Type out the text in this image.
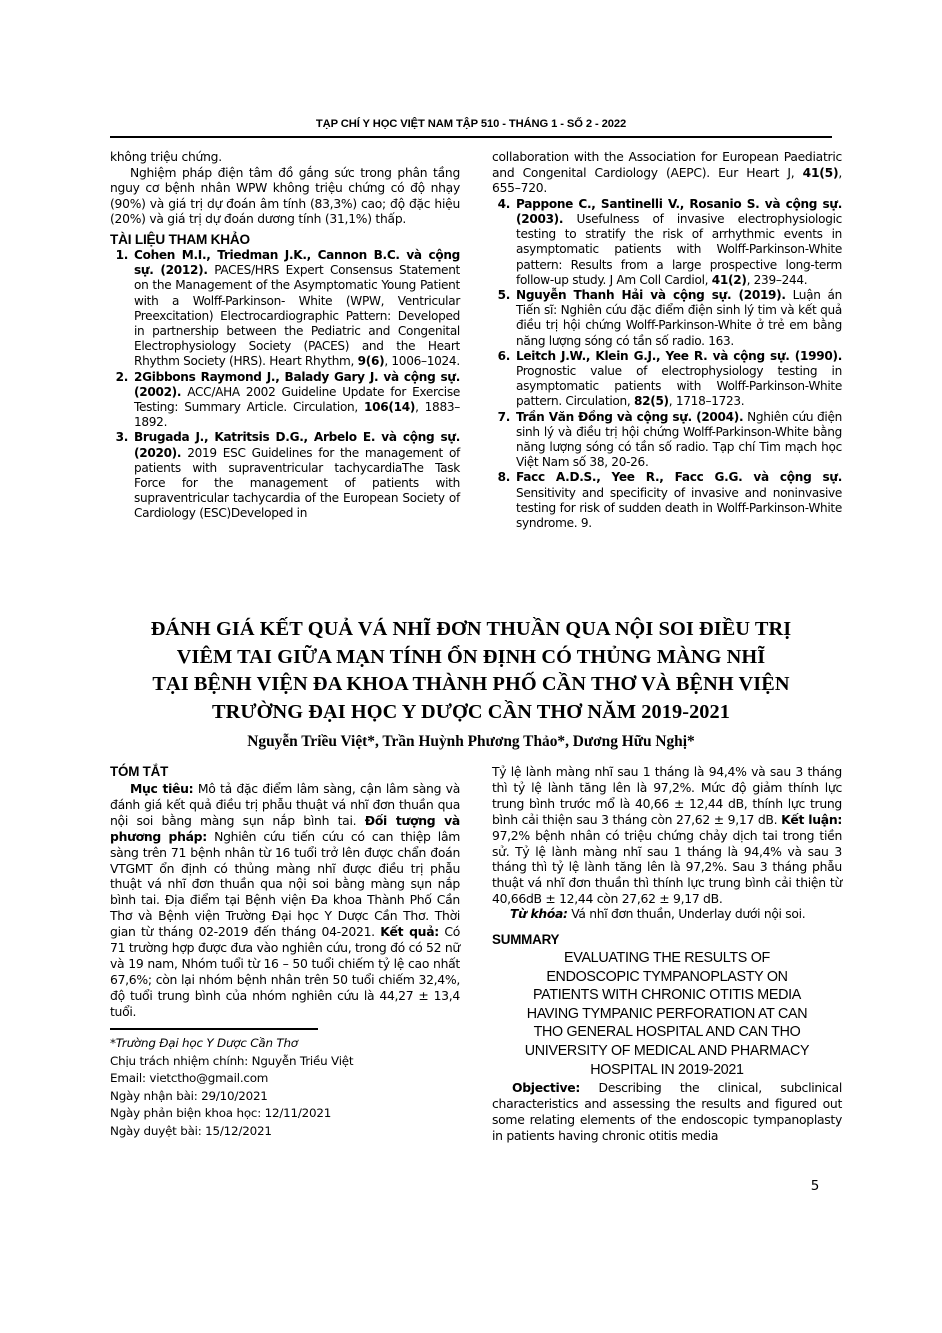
TẠP CHÍ Y HỌC VIỆT NAM TẬP 510 - THÁNG 1 - SỐ 2 - 2022

không triệu chứng.

Nghiệm pháp điện tâm đồ gắng sức trong phân tầng nguy cơ bệnh nhân WPW không triệu chứng có độ nhạy (90%) và giá trị dự đoán âm tính (83,3%) cao; độ đặc hiệu (20%) và giá trị dự đoán dương tính (31,1%) thấp.

TÀI LIỆU THAM KHẢO
1. Cohen M.I., Triedman J.K., Cannon B.C. và cộng sự. (2012). PACES/HRS Expert Consensus Statement on the Management of the Asymptomatic Young Patient with a Wolff-Parkinson- White (WPW, Ventricular Preexcitation) Electrocardiographic Pattern: Developed in partnership between the Pediatric and Congenital Electrophysiology Society (PACES) and the Heart Rhythm Society (HRS). Heart Rhythm, 9(6), 1006–1024.
2. 2Gibbons Raymond J., Balady Gary J. và cộng sự. (2002). ACC/AHA 2002 Guideline Update for Exercise Testing: Summary Article. Circulation, 106(14), 1883–1892.
3. Brugada J., Katritsis D.G., Arbelo E. và cộng sự. (2020). 2019 ESC Guidelines for the management of patients with supraventricular tachycardiaThe Task Force for the management of patients with supraventricular tachycardia of the European Society of Cardiology (ESC)Developed in

collaboration with the Association for European Paediatric and Congenital Cardiology (AEPC). Eur Heart J, 41(5), 655–720.

4. Pappone C., Santinelli V., Rosanio S. và cộng sự. (2003). Usefulness of invasive electrophysiologic testing to stratify the risk of arrhythmic events in asymptomatic patients with Wolff-Parkinson-White pattern: Results from a large prospective long-term follow-up study. J Am Coll Cardiol, 41(2), 239–244.
5. Nguyễn Thanh Hải và cộng sự. (2019). Luận án Tiến sĩ: Nghiên cứu đặc điểm điện sinh lý tim và kết quả điều trị hội chứng Wolff-Parkinson-White ở trẻ em bằng năng lượng sóng có tần số radio. 163.
6. Leitch J.W., Klein G.J., Yee R. và cộng sự. (1990). Prognostic value of electrophysiology testing in asymptomatic patients with Wolff-Parkinson-White pattern. Circulation, 82(5), 1718–1723.
7. Trần Văn Đồng và cộng sự. (2004). Nghiên cứu điện sinh lý và điều trị hội chứng Wolff-Parkinson-White bằng năng lượng sóng có tần số radio. Tạp chí Tim mạch học Việt Nam số 38, 20-26.
8. Facc A.D.S., Yee R., Facc G.G. và cộng sự. Sensitivity and specificity of invasive and noninvasive testing for risk of sudden death in Wolff-Parkinson-White syndrome. 9.
ĐÁNH GIÁ KẾT QUẢ VÁ NHĨ ĐƠN THUẦN QUA NỘI SOI ĐIỀU TRỊ
VIÊM TAI GIỮA MẠN TÍNH ỔN ĐỊNH CÓ THỦNG MÀNG NHĨ
TẠI BỆNH VIỆN ĐA KHOA THÀNH PHỐ CẦN THƠ VÀ BỆNH VIỆN
TRƯỜNG ĐẠI HỌC Y DƯỢC CẦN THƠ NĂM 2019-2021
Nguyễn Triều Việt*, Trần Huỳnh Phương Thảo*, Dương Hữu Nghị*
TÓM TẮT

Mục tiêu: Mô tả đặc điểm lâm sàng, cận lâm sàng và đánh giá kết quả điều trị phẫu thuật vá nhĩ đơn thuần qua nội soi bằng màng sụn nắp bình tai. Đối tượng và phương pháp: Nghiên cứu tiến cứu có can thiệp lâm sàng trên 71 bệnh nhân từ 16 tuổi trở lên được chẩn đoán VTGMT ổn định có thủng màng nhĩ được điều trị phẫu thuật vá nhĩ đơn thuần qua nội soi bằng màng sụn nắp bình tai. Địa điểm tại Bệnh viện Đa khoa Thành Phố Cần Thơ và Bệnh viện Trường Đại học Y Dược Cần Thơ. Thời gian từ tháng 02-2019 đến tháng 04-2021. Kết quả: Có 71 trường hợp được đưa vào nghiên cứu, trong đó có 52 nữ và 19 nam, Nhóm tuổi từ 16 – 50 tuổi chiếm tỷ lệ cao nhất 67,6%; còn lại nhóm bệnh nhân trên 50 tuổi chiếm 32,4%, độ tuổi trung bình của nhóm nghiên cứu là 44,27 ± 13,4 tuổi.

Tỷ lệ lành màng nhĩ sau 1 tháng là 94,4% và sau 3 tháng thì tỷ lệ lành tăng lên là 97,2%. Mức độ giảm thính lực trung bình trước mổ là 40,66 ± 12,44 dB, thính lực trung bình cải thiện sau 3 tháng còn 27,62 ± 9,17 dB. Kết luận: 97,2% bệnh nhân có triệu chứng chảy dịch tai trong tiền sử. Tỷ lệ lành màng nhĩ sau 1 tháng là 94,4% và sau 3 tháng thì tỷ lệ lành tăng lên là 97,2%. Sau 3 tháng phẫu thuật vá nhĩ đơn thuần thì thính lực trung bình cải thiện từ 40,66dB ± 12,44 còn 27,62 ± 9,17 dB.

Từ khóa: Vá nhĩ đơn thuần, Underlay dưới nội soi.

SUMMARY
EVALUATING THE RESULTS OF
ENDOSCOPIC TYMPANOPLASTY ON
PATIENTS WITH CHRONIC OTITIS MEDIA
HAVING TYMPANIC PERFORATION AT CAN
THO GENERAL HOSPITAL AND CAN THO
UNIVERSITY OF MEDICAL AND PHARMACY
HOSPITAL IN 2019-2021

Objective: Describing the clinical, subclinical characteristics and assessing the results and figured out some relating elements of the endoscopic tympanoplasty in patients having chronic otitis media

*Trường Đại học Y Dược Cần Thơ
Chịu trách nhiệm chính: Nguyễn Triều Việt
Email: vietctho@gmail.com
Ngày nhận bài: 29/10/2021
Ngày phản biện khoa học: 12/11/2021
Ngày duyệt bài: 15/12/2021
5
